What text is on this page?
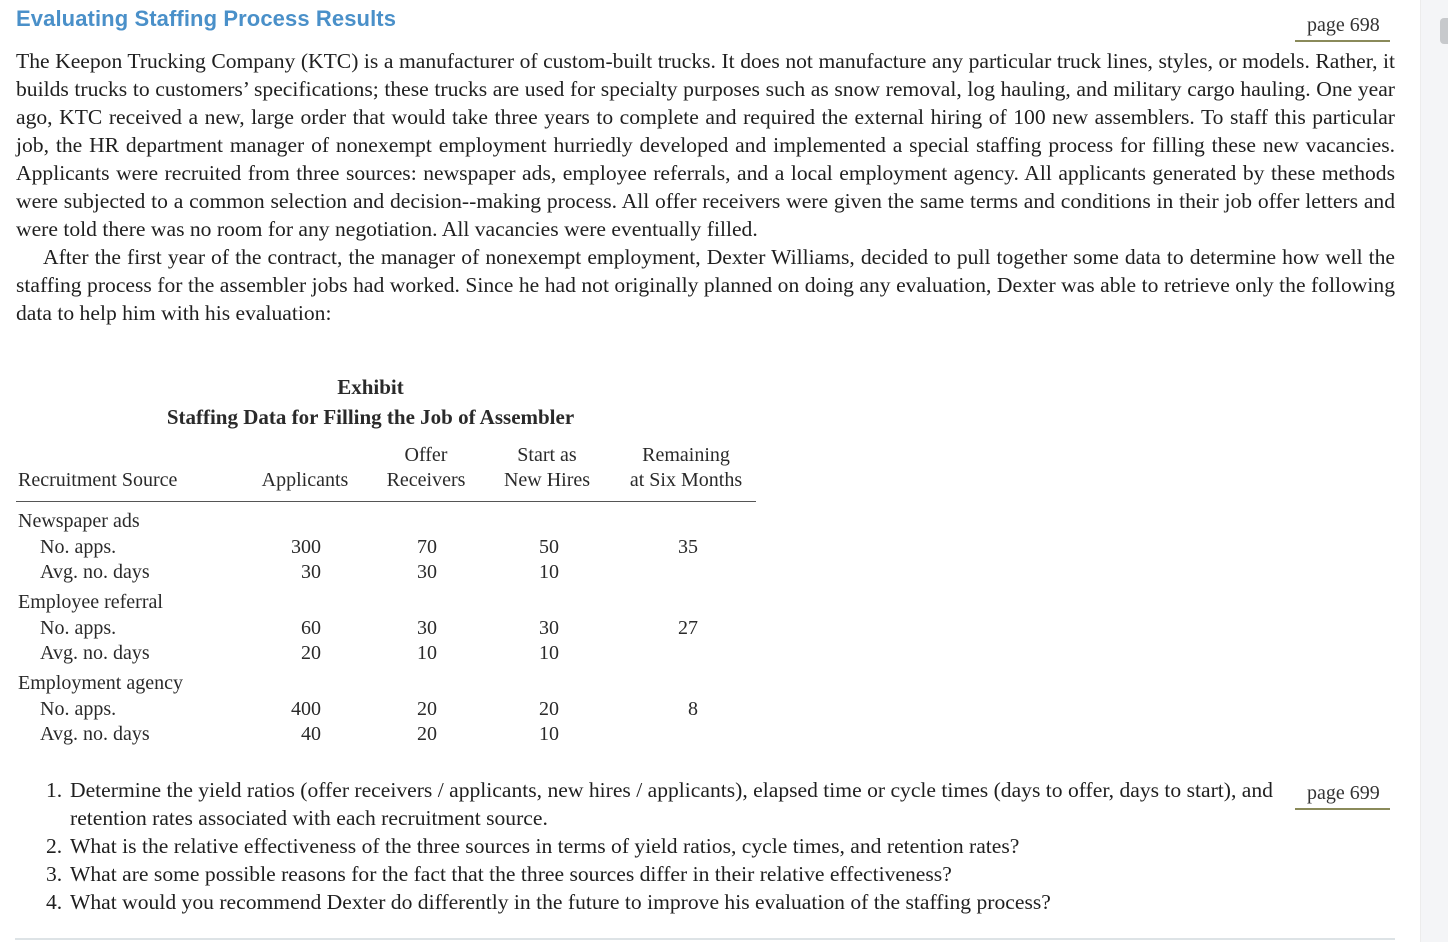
Evaluating Staffing Process Results	page 698

The Keepon Trucking Company (KTC) is a manufacturer of custom-built trucks. It does not manufacture any particular truck lines, styles, or models. Rather, it builds trucks to customers’ specifications; these trucks are used for specialty purposes such as snow removal, log hauling, and military cargo hauling. One year ago, KTC received a new, large order that would take three years to complete and required the external hiring of 100 new assemblers. To staff this particular job, the HR department manager of nonexempt employment hurriedly developed and implemented a special staffing process for filling these new vacancies. Applicants were recruited from three sources: newspaper ads, employee referrals, and a local employment agency. All applicants generated by these methods were subjected to a common selection and decision--making process. All offer receivers were given the same terms and conditions in their job offer letters and were told there was no room for any negotiation. All vacancies were eventually filled.

After the first year of the contract, the manager of nonexempt employment, Dexter Williams, decided to pull together some data to determine how well the staffing process for the assembler jobs had worked. Since he had not originally planned on doing any evaluation, Dexter was able to retrieve only the following data to help him with his evaluation:

Exhibit
Staffing Data for Filling the Job of Assembler
Recruitment Source	Applicants
Offer
Receivers
Start as
New Hires
Remaining
at Six Months
Newspaper ads
No. apps.
Avg. no. days
300
30
70
30
50
10
35
Employee referral
No. apps.
Avg. no. days
60
20
30
10
30
10
27
Employment agency
No. apps.
Avg. no. days
400
40
20
20
20
10
8
1. Determine the yield ratios (offer receivers / applicants, new hires / applicants), elapsed time or cycle times (days to offer, days to start), and retention rates associated with each recruitment source.
2. What is the relative effectiveness of the three sources in terms of yield ratios, cycle times, and retention rates?
3. What are some possible reasons for the fact that the three sources differ in their relative effectiveness?
4. What would you recommend Dexter do differently in the future to improve his evaluation of the staffing process?
page 699
